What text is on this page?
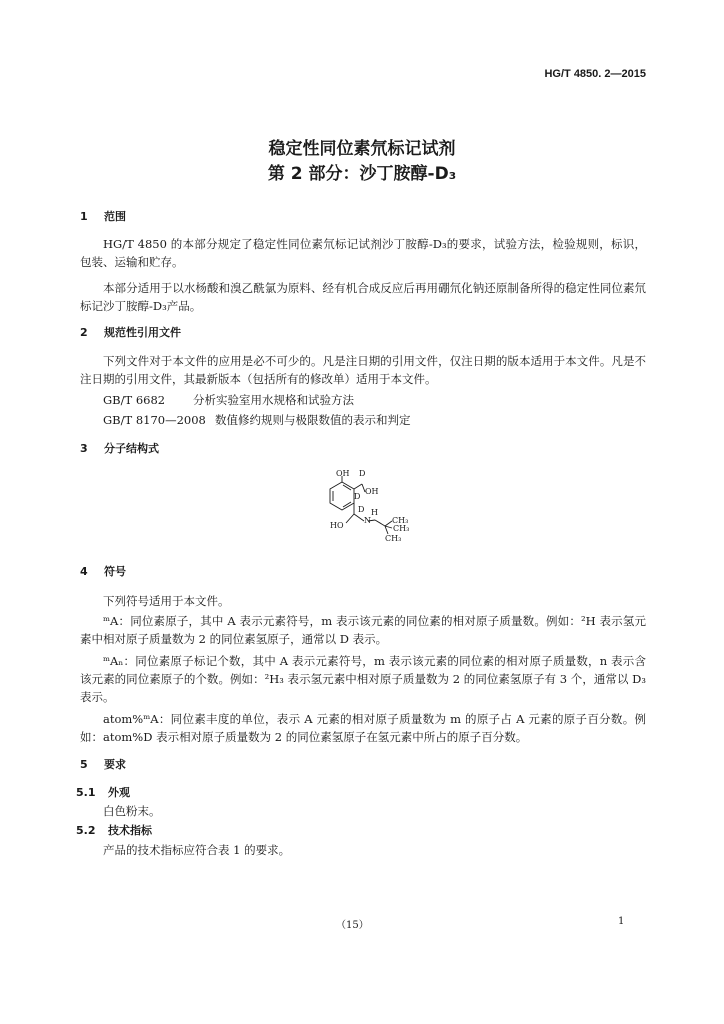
HG/T 4850. 2—2015
稳定性同位素氘标记试剂
第 2 部分：沙丁胺醇-D₃
1 范围
HG/T 4850 的本部分规定了稳定性同位素氘标记试剂沙丁胺醇-D₃的要求，试验方法，检验规则，标识，包装、运输和贮存。
本部分适用于以水杨酸和溴乙酰氯为原料、经有机合成反应后再用硼氘化钠还原制备所得的稳定性同位素氘标记沙丁胺醇-D₃产品。
2 规范性引用文件
下列文件对于本文件的应用是必不可少的。凡是注日期的引用文件，仅注日期的版本适用于本文件。凡是不注日期的引用文件，其最新版本（包括所有的修改单）适用于本文件。
GB/T 6682 分析实验室用水规格和试验方法
GB/T 8170—2008 数值修约规则与极限数值的表示和判定
3 分子结构式
OH D
D
OH
D H
N
HO
CH₃
CH₃
CH₃
4 符号
下列符号适用于本文件。
ᵐA：同位素原子，其中 A 表示元素符号，m 表示该元素的同位素的相对原子质量数。例如：²H 表示氢元素中相对原子质量数为 2 的同位素氢原子，通常以 D 表示。
ᵐAₙ：同位素原子标记个数，其中 A 表示元素符号，m 表示该元素的同位素的相对原子质量数，n 表示含该元素的同位素原子的个数。例如：²H₃ 表示氢元素中相对原子质量数为 2 的同位素氢原子有 3 个，通常以 D₃ 表示。
atom%ᵐA：同位素丰度的单位，表示 A 元素的相对原子质量数为 m 的原子占 A 元素的原子百分数。例如：atom%D 表示相对原子质量数为 2 的同位素氢原子在氢元素中所占的原子百分数。
5 要求
5.1 外观
白色粉末。
5.2 技术指标
产品的技术指标应符合表 1 的要求。
（15）	1
